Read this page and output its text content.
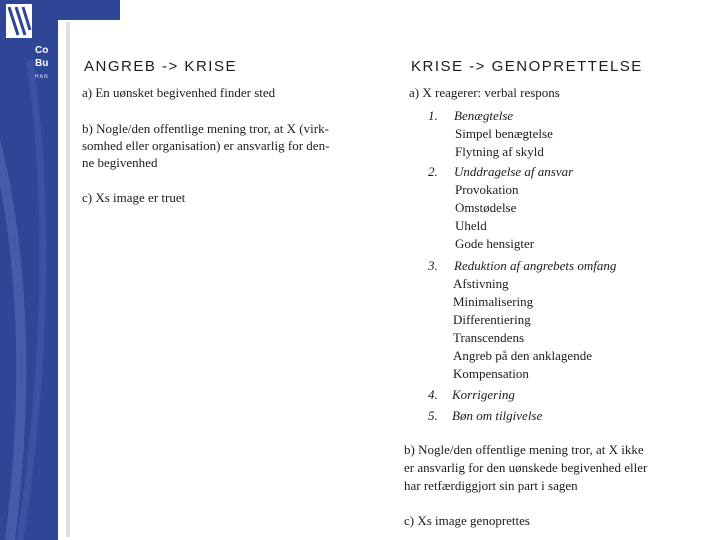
Co
Bu
HAN
ANGREB -> KRISE
a) En uønsket begivenhed finder sted
b) Nogle/den offentlige mening tror, at X (virk-
somhed eller organisation) er ansvarlig for den-
ne begivenhed
c) Xs image er truet
KRISE -> GENOPRETTELSE
a) X reagerer: verbal respons
1. Benægtelse
Simpel benægtelse
Flytning af skyld
2. Unddragelse af ansvar
Provokation
Omstødelse
Uheld
Gode hensigter
3. Reduktion af angrebets omfang
Afstivning
Minimalisering
Differentiering
Transcendens
Angreb på den anklagende
Kompensation
4. Korrigering
5. Bøn om tilgivelse
b) Nogle/den offentlige mening tror, at X ikke
er ansvarlig for den uønskede begivenhed eller
har retfærdiggjort sin part i sagen
c) Xs image genoprettes
